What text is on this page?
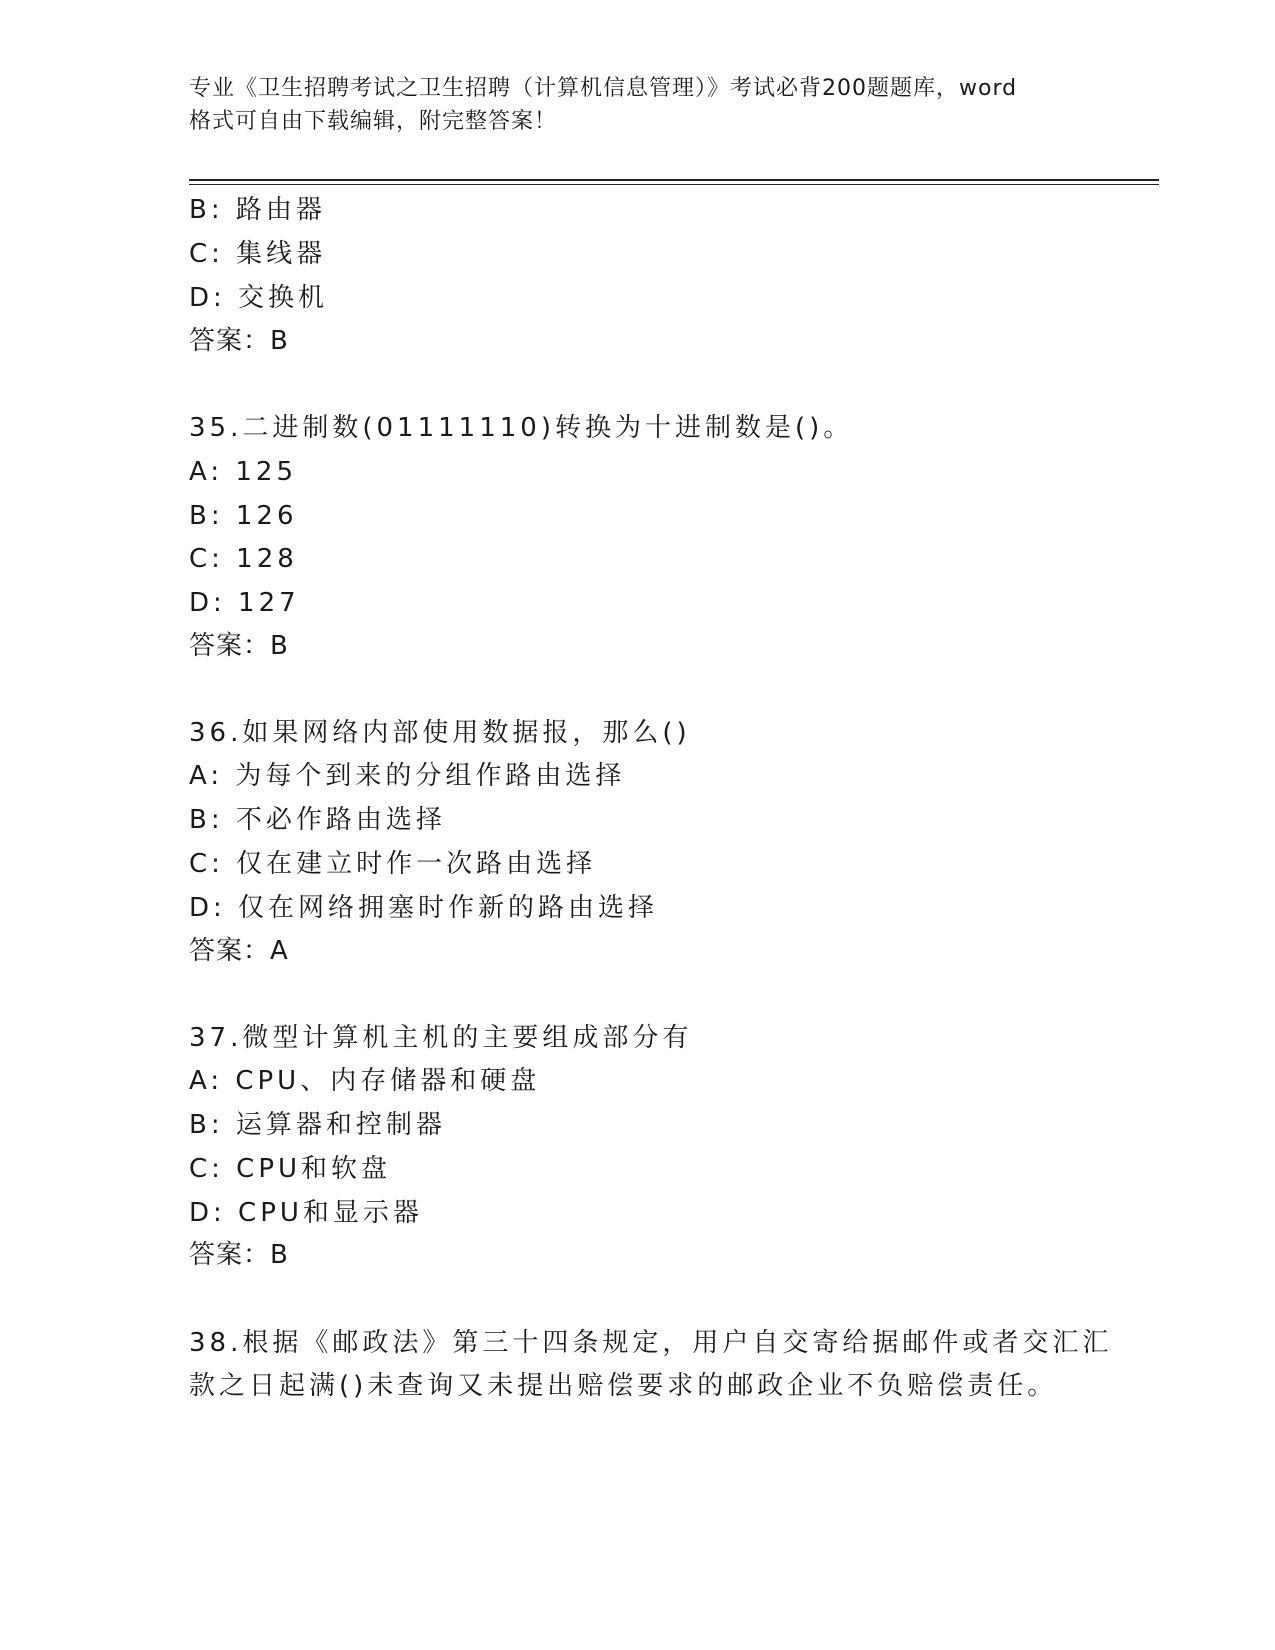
专业《卫生招聘考试之卫生招聘（计算机信息管理）》考试必背200题题库，word
格式可自由下载编辑，附完整答案！
B: 路由器
C: 集线器
D: 交换机
答案：B
35.二进制数(01111110)转换为十进制数是()。
A: 125
B: 126
C: 128
D: 127
答案：B
36.如果网络内部使用数据报，那么()
A: 为每个到来的分组作路由选择
B: 不必作路由选择
C: 仅在建立时作一次路由选择
D: 仅在网络拥塞时作新的路由选择
答案：A
37.微型计算机主机的主要组成部分有
A: CPU、内存储器和硬盘
B: 运算器和控制器
C: CPU和软盘
D: CPU和显示器
答案：B
38.根据《邮政法》第三十四条规定，用户自交寄给据邮件或者交汇汇
款之日起满()未查询又未提出赔偿要求的邮政企业不负赔偿责任。
